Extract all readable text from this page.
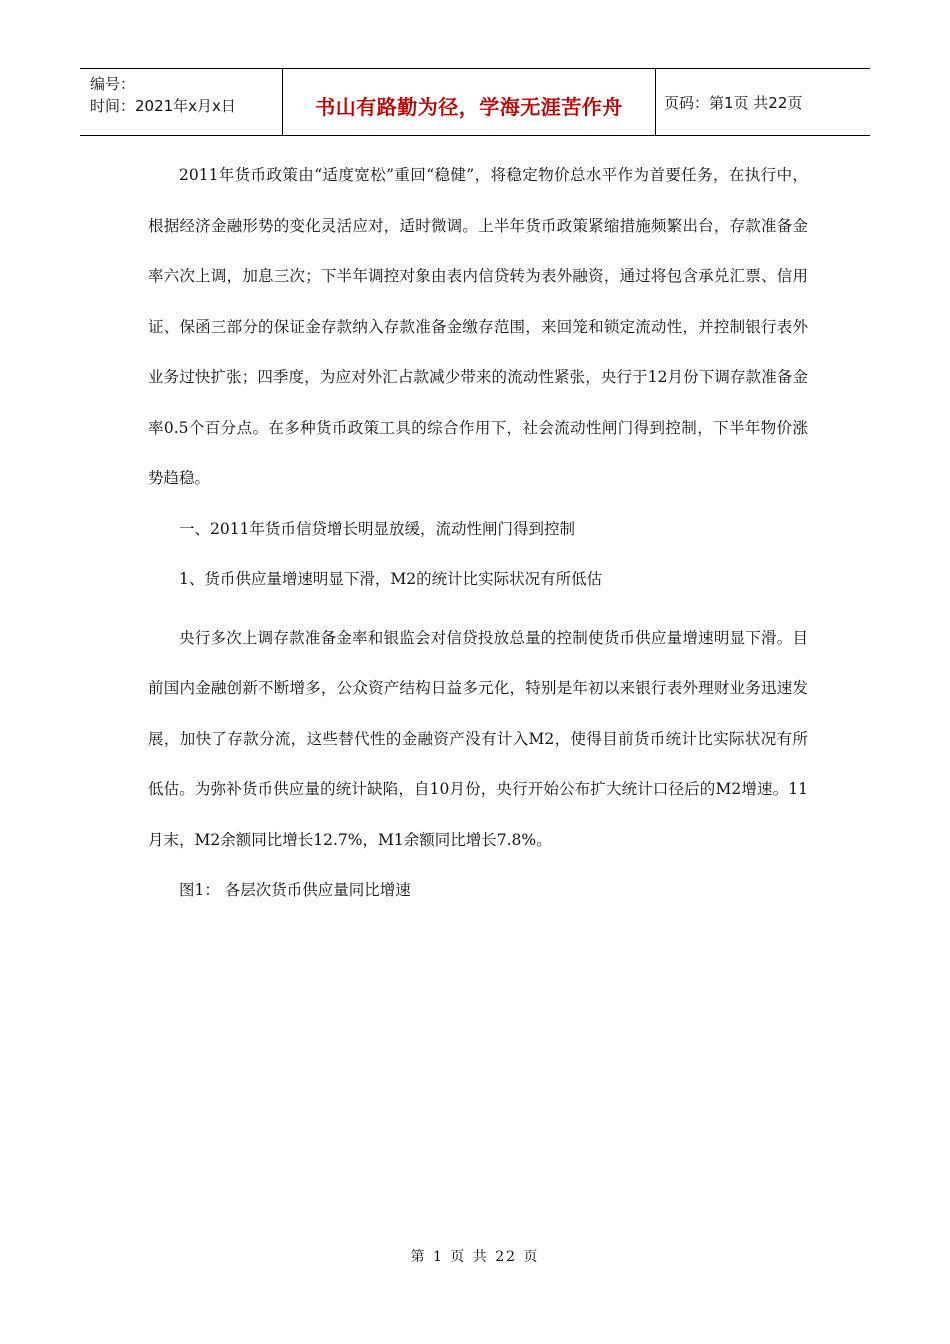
编号：
时间：2021年x月x日	书山有路勤为径，学海无涯苦作舟	页码：第1页 共22页

2011年货币政策由“适度宽松”重回“稳健”，将稳定物价总水平作为首要任务，在执行中，根据经济金融形势的变化灵活应对，适时微调。上半年货币政策紧缩措施频繁出台，存款准备金率六次上调，加息三次；下半年调控对象由表内信贷转为表外融资，通过将包含承兑汇票、信用证、保函三部分的保证金存款纳入存款准备金缴存范围，来回笼和锁定流动性，并控制银行表外业务过快扩张；四季度，为应对外汇占款减少带来的流动性紧张，央行于12月份下调存款准备金率0.5个百分点。在多种货币政策工具的综合作用下，社会流动性闸门得到控制，下半年物价涨势趋稳。

一、2011年货币信贷增长明显放缓，流动性闸门得到控制

1、货币供应量增速明显下滑，M2的统计比实际状况有所低估

央行多次上调存款准备金率和银监会对信贷投放总量的控制使货币供应量增速明显下滑。目前国内金融创新不断增多，公众资产结构日益多元化，特别是年初以来银行表外理财业务迅速发展，加快了存款分流，这些替代性的金融资产没有计入M2，使得目前货币统计比实际状况有所低估。为弥补货币供应量的统计缺陷，自10月份，央行开始公布扩大统计口径后的M2增速。11月末，M2余额同比增长12.7%，M1余额同比增长7.8%。

图1： 各层次货币供应量同比增速

第 1 页 共 22 页
